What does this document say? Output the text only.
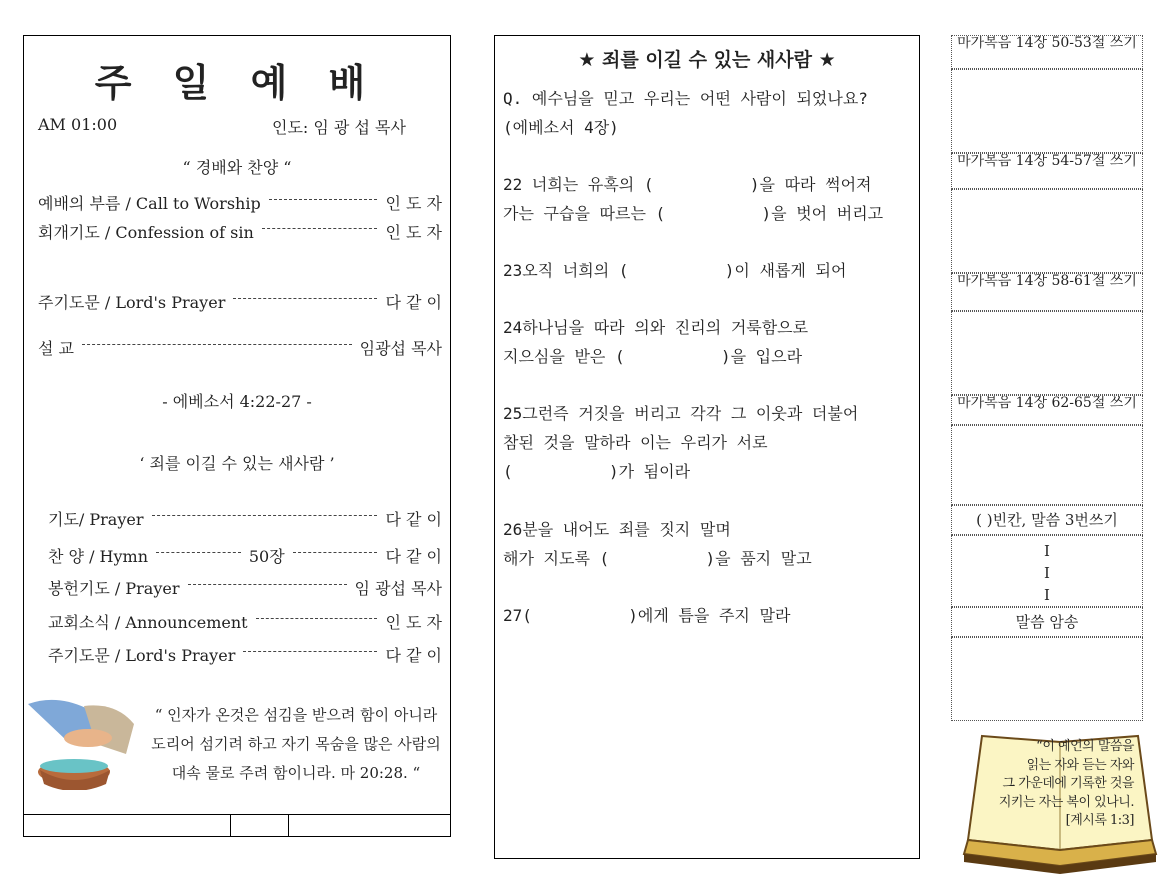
주 일 예 배
AM 01:00	인도: 임 광 섭 목사
“ 경배와 찬양 “
예배의 부름 / Call to Worship	인 도 자
회개기도 / Confession of sin	인 도 자
주기도문 / Lord's Prayer	다 같 이
설 교	임광섭 목사
- 에베소서 4:22-27 -
‘ 죄를 이길 수 있는 새사람 ’
기도/ Prayer	다 같 이
찬 양 / Hymn	50장	다 같 이
봉헌기도 / Prayer	임 광섭 목사
교회소식 / Announcement	인 도 자
주기도문 / Lord's Prayer	다 같 이
“ 인자가 온것은 섬김을 받으려 함이 아니라
도리어 섬기려 하고 자기 목숨을 많은 사람의
대속 물로 주려 함이니라. 마 20:28. “
★ 죄를 이길 수 있는 새사람 ★
Q. 예수님을 믿고 우리는 어떤 사람이 되었나요?
(에베소서 4장)
22 너희는 유혹의 (          )을 따라 썩어져
가는 구습을 따르는 (          )을 벗어 버리고
23오직 너희의 (          )이 새롭게 되어
24하나님을 따라 의와 진리의 거룩함으로
지으심을 받은 (          )을 입으라
25그런즉 거짓을 버리고 각각 그 이웃과 더불어
참된 것을 말하라 이는 우리가 서로
(          )가 됨이라
26분을 내어도 죄를 짓지 말며
해가 지도록 (          )을 품지 말고
27(          )에게 틈을 주지 말라
마가복음 14장 50-53절 쓰기
마가복음 14장 54-57절 쓰기
마가복음 14장 58-61절 쓰기
마가복음 14장 62-65절 쓰기
( )빈칸, 말씀 3번쓰기
I
I
I
말씀 암송
“이 예언의 말씀을
읽는 자와 듣는 자와
그 가운데에 기록한 것을
지키는 자는 복이 있나니.
[계시록 1:3]
